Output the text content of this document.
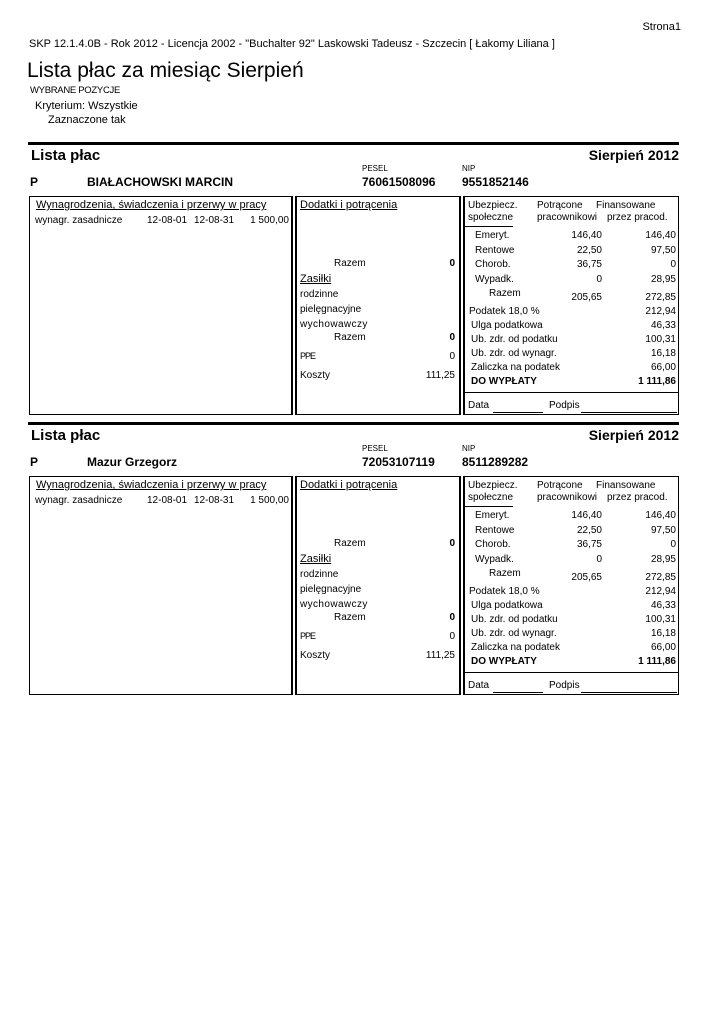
Strona1
SKP 12.1.4.0B - Rok 2012 - Licencja 2002 - "Buchalter 92" Laskowski Tadeusz - Szczecin [ Łakomy Liliana ]
Lista płac za miesiąc Sierpień
WYBRANE POZYCJE
Kryterium: Wszystkie
Zaznaczone tak
Lista płac	Sierpień 2012
PESEL	NIP
P	BIAŁACHOWSKI MARCIN	76061508096 9551852146
Wynagrodzenia, świadczenia i przerwy w pracy
wynagr. zasadnicze 12-08-01 12-08-31 1 500,00
Dodatki i potrącenia
Razem	0
Zasiłki
rodzinne
pielęgnacyjne
wychowawczy
Razem	0
PPE	0
Koszty	111,25
Ubezpiecz.
społeczne
Potrącone
pracownikowi
Finansowane
przez pracod.
Emeryt.	146,40	146,40
Rentowe	22,50	97,50
Chorob.	36,75	0
Wypadk.	0	28,95
Razem	205,65	272,85
Podatek 18,0 %	212,94
Ulga podatkowa	46,33
Ub. zdr. od podatku	100,31
Ub. zdr. od wynagr.	16,18
Zaliczka na podatek	66,00
DO WYPŁATY	1 111,86
Data	Podpis
Lista płac	Sierpień 2012
PESEL	NIP
P	Mazur Grzegorz	72053107119 8511289282
Wynagrodzenia, świadczenia i przerwy w pracy
wynagr. zasadnicze 12-08-01 12-08-31 1 500,00
Dodatki i potrącenia
Razem	0
Zasiłki
rodzinne
pielęgnacyjne
wychowawczy
Razem	0
PPE	0
Koszty	111,25
Ubezpiecz.
społeczne
Potrącone
pracownikowi
Finansowane
przez pracod.
Emeryt.	146,40	146,40
Rentowe	22,50	97,50
Chorob.	36,75	0
Wypadk.	0	28,95
Razem	205,65	272,85
Podatek 18,0 %	212,94
Ulga podatkowa	46,33
Ub. zdr. od podatku	100,31
Ub. zdr. od wynagr.	16,18
Zaliczka na podatek	66,00
DO WYPŁATY	1 111,86
Data	Podpis
